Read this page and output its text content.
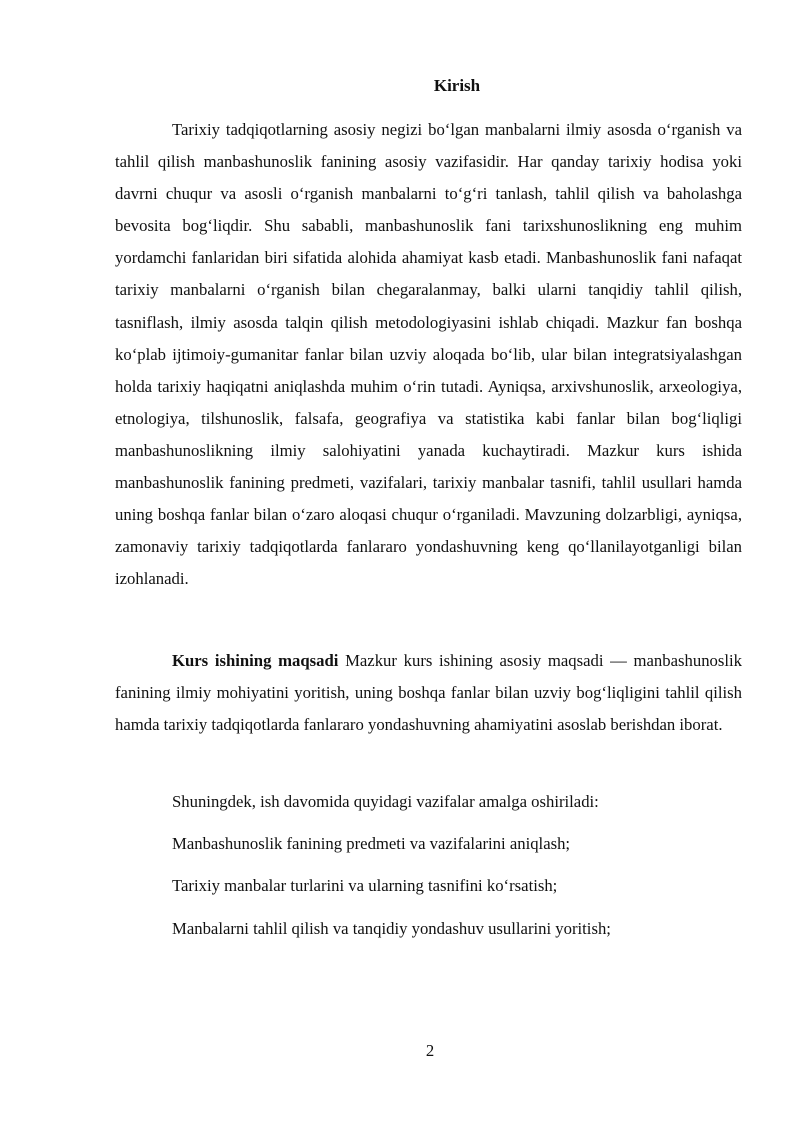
Kirish

Tarixiy tadqiqotlarning asosiy negizi bo‘lgan manbalarni ilmiy asosda o‘rganish va tahlil qilish manbashunoslik fanining asosiy vazifasidir. Har qanday tarixiy hodisa yoki davrni chuqur va asosli o‘rganish manbalarni to‘g‘ri tanlash, tahlil qilish va baholashga bevosita bog‘liqdir. Shu sababli, manbashunoslik fani tarixshunoslikning eng muhim yordamchi fanlaridan biri sifatida alohida ahamiyat kasb etadi. Manbashunoslik fani nafaqat tarixiy manbalarni o‘rganish bilan chegaralanmay, balki ularni tanqidiy tahlil qilish, tasniflash, ilmiy asosda talqin qilish metodologiyasini ishlab chiqadi. Mazkur fan boshqa ko‘plab ijtimoiy-gumanitar fanlar bilan uzviy aloqada bo‘lib, ular bilan integratsiyalashgan holda tarixiy haqiqatni aniqlashda muhim o‘rin tutadi. Ayniqsa, arxivshunoslik, arxeologiya, etnologiya, tilshunoslik, falsafa, geografiya va statistika kabi fanlar bilan bog‘liqligi manbashunoslikning ilmiy salohiyatini yanada kuchaytiradi. Mazkur kurs ishida manbashunoslik fanining predmeti, vazifalari, tarixiy manbalar tasnifi, tahlil usullari hamda uning boshqa fanlar bilan o‘zaro aloqasi chuqur o‘rganiladi. Mavzuning dolzarbligi, ayniqsa, zamonaviy tarixiy tadqiqotlarda fanlararo yondashuvning keng qo‘llanilayotganligi bilan izohlanadi.

Kurs ishining maqsadi Mazkur kurs ishining asosiy maqsadi — manbashunoslik fanining ilmiy mohiyatini yoritish, uning boshqa fanlar bilan uzviy bog‘liqligini tahlil qilish hamda tarixiy tadqiqotlarda fanlararo yondashuvning ahamiyatini asoslab berishdan iborat.

Shuningdek, ish davomida quyidagi vazifalar amalga oshiriladi:

Manbashunoslik fanining predmeti va vazifalarini aniqlash;

Tarixiy manbalar turlarini va ularning tasnifini ko‘rsatish;

Manbalarni tahlil qilish va tanqidiy yondashuv usullarini yoritish;

2
